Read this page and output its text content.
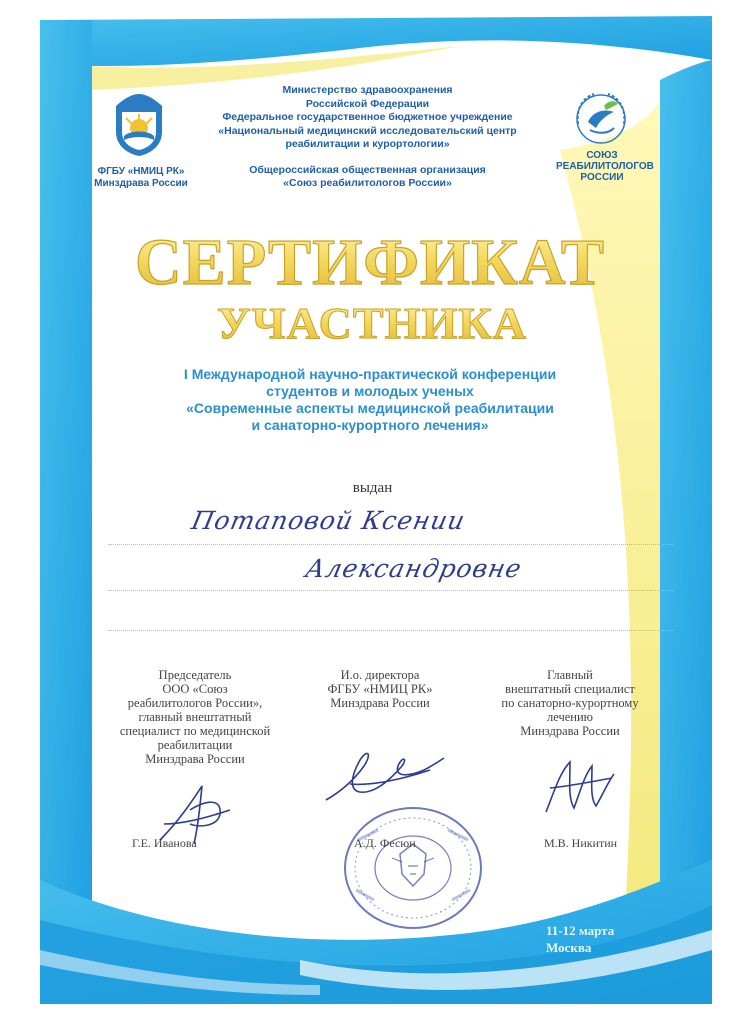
ФГБУ «НМИЦ РК»
Минздрава России
СОЮЗ
РЕАБИЛИТОЛОГОВ
РОССИИ
Министерство здравоохранения
Российской Федерации
Федеральное государственное бюджетное учреждение
«Национальный медицинский исследовательский центр
реабилитации и курортологии»
Общероссийская общественная организация
«Союз реабилитологов России»
СЕРТИФИКАТ
УЧАСТНИКА
I Международной научно-практической конференции
студентов и молодых ученых
«Современные аспекты медицинской реабилитации
и санаторно-курортного лечения»
выдан
Потаповой Ксении
Александровне
Председатель
ООО «Союз
реабилитологов России»,
главный внештатный
специалист по медицинской
реабилитации
Минздрава России
И.о. директора
ФГБУ «НМИЦ РК»
Минздрава России
Главный
внештатный специалист
по санаторно-курортному
лечению
Минздрава России
Г.Е. Иванова	А.Д. Фесюн	М.В. Никитин
11-12 марта
Москва
